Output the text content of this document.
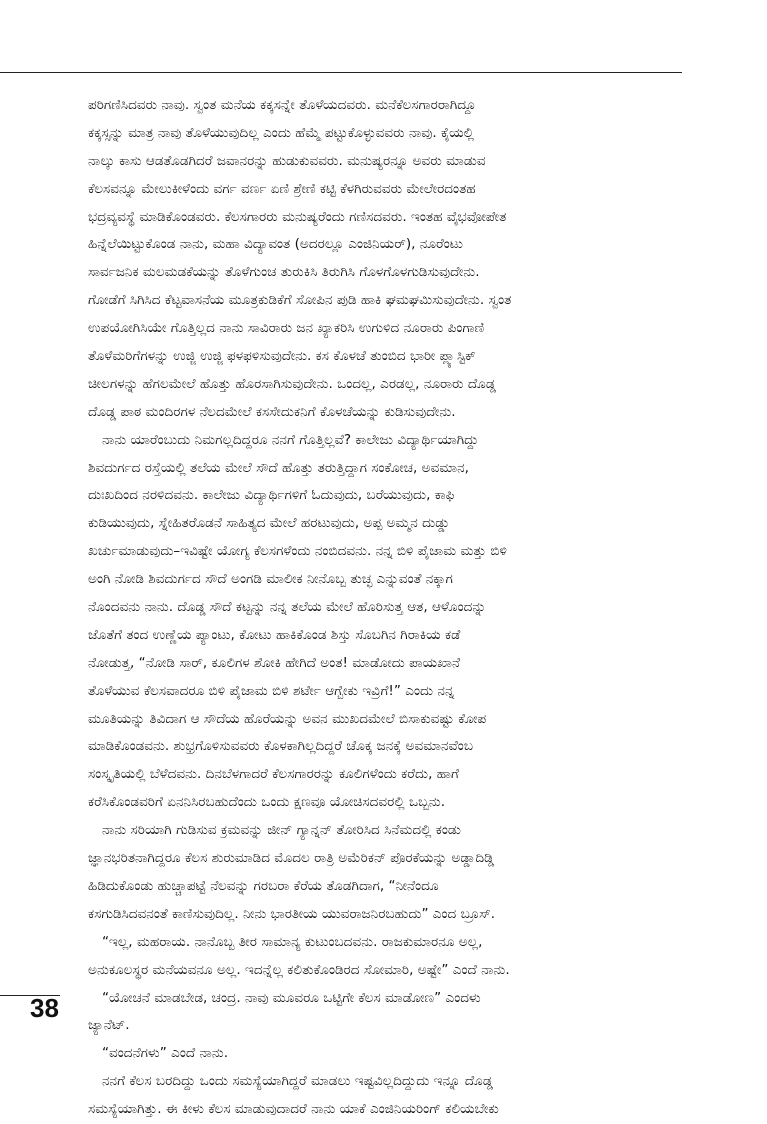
ಪರಿಗಣಿಸಿದವರು ನಾವು. ಸ್ವಂತ ಮನೆಯ ಕಕ್ಕಸನ್ನೇ ತೊಳೆಯದವರು. ಮನೆಕೆಲಸಗಾರರಾಗಿದ್ದೂ
ಕಕ್ಕಸ್ಸನ್ನು ಮಾತ್ರ ನಾವು ತೊಳೆಯುವುದಿಲ್ಲ ಎಂದು ಹೆಮ್ಮೆ ಪಟ್ಟುಕೊಳ್ಳುವವರು ನಾವು. ಕೈಯಲ್ಲಿ
ನಾಲ್ಕು ಕಾಸು ಆಡತೊಡಗಿದರೆ ಜವಾನರನ್ನು ಹುಡುಕುವವರು. ಮನುಷ್ಯರನ್ನೂ ಅವರು ಮಾಡುವ
ಕೆಲಸವನ್ನೂ ಮೇಲುಕೀಳೆಂದು ವರ್ಗ ವರ್ಣ ಏಣಿ ಶ್ರೇಣಿ ಕಟ್ಟಿ ಕೆಳಗಿರುವವರು ಮೇಲೇರದಂತಹ
ಭದ್ರವ್ಯವಸ್ಥೆ ಮಾಡಿಕೊಂಡವರು. ಕೆಲಸಗಾರರು ಮನುಷ್ಯರೆಂದು ಗಣಿಸದವರು. ಇಂತಹ ವೈಭವೋಪೇತ
ಹಿನ್ನೆಲೆಯಿಟ್ಟುಕೊಂಡ ನಾನು, ಮಹಾ ವಿದ್ಯಾವಂತ (ಅದರಲ್ಲೂ ಎಂಜಿನಿಯರ್), ನೂರೆಂಟು
ಸಾರ್ವಜನಿಕ ಮಲಮಡಕೆಯನ್ನು ತೊಳೆಗುಂಚ ತುರುಕಿಸಿ ತಿರುಗಿಸಿ ಗೊಳಗೊಳಗುಡಿಸುವುದೇನು.
ಗೋಡೆಗೆ ಸಿಗಿಸಿದ ಕೆಟ್ಟವಾಸನೆಯ ಮೂತ್ರಕುಡಿಕೆಗೆ ಸೋಪಿನ ಪುಡಿ ಹಾಕಿ ಘಮಘಮಿಸುವುದೇನು. ಸ್ವಂತ
ಉಪಯೋಗಿಸಿಯೇ ಗೊತ್ತಿಲ್ಲದ ನಾನು ಸಾವಿರಾರು ಜನ ಖ್ಯಾಕರಿಸಿ ಉಗುಳಿದ ನೂರಾರು ಪಿಂಗಾಣಿ
ತೊಳೆಮರಿಗೆಗಳನ್ನು ಉಜ್ಜಿ ಉಜ್ಜಿ ಫಳಫಳಿಸುವುದೇನು. ಕಸ ಕೊಳಚೆ ತುಂಬಿದ ಭಾರೀ ಪ್ಲ್ಯಾಸ್ಟಿಕ್
ಚೀಲಗಳನ್ನು ಹೆಗಲಮೇಲೆ ಹೊತ್ತು ಹೊರಸಾಗಿಸುವುದೇನು. ಒಂದಲ್ಲ, ಎರಡಲ್ಲ, ನೂರಾರು ದೊಡ್ಡ
ದೊಡ್ಡ ಪಾಠ ಮಂದಿರಗಳ ನೆಲದಮೇಲೆ ಕಸಸೇದುಕನಿಗೆ ಕೊಳಚೆಯನ್ನು ಕುಡಿಸುವುದೇನು.
ನಾನು ಯಾರೆಂಬುದು ನಿಮಗಲ್ಲದಿದ್ದರೂ ನನಗೆ ಗೊತ್ತಿಲ್ಲವೆ? ಕಾಲೇಜು ವಿದ್ಯಾರ್ಥಿಯಾಗಿದ್ದು
ಶಿವದುರ್ಗದ ರಸ್ತೆಯಲ್ಲಿ ತಲೆಯ ಮೇಲೆ ಸೌದೆ ಹೊತ್ತು ತರುತ್ತಿದ್ದಾಗ ಸಂಕೋಚ, ಅವಮಾನ,
ದುಃಖದಿಂದ ನರಳಿದವನು. ಕಾಲೇಜು ವಿದ್ಯಾರ್ಥಿಗಳಿಗೆ ಓದುವುದು, ಬರೆಯುವುದು, ಕಾಫಿ
ಕುಡಿಯುವುದು, ಸ್ನೇಹಿತರೊಡನೆ ಸಾಹಿತ್ಯದ ಮೇಲೆ ಹರಟುವುದು, ಅಪ್ಪ ಅಮ್ಮನ ದುಡ್ಡು
ಖರ್ಚುಮಾಡುವುದು–ಇವಿಷ್ಟೇ ಯೋಗ್ಯ ಕೆಲಸಗಳೆಂದು ನಂಬಿದವನು. ನನ್ನ ಬಿಳಿ ಪೈಜಾಮ ಮತ್ತು ಬಿಳಿ
ಅಂಗಿ ನೋಡಿ ಶಿವದುರ್ಗದ ಸೌದೆ ಅಂಗಡಿ ಮಾಲೀಕ ನೀನೊಬ್ಬ ತುಚ್ಛ ಎನ್ನುವಂತೆ ನಕ್ಕಾಗ
ನೊಂದವನು ನಾನು. ದೊಡ್ಡ ಸೌದೆ ಕಟ್ಟನ್ನು ನನ್ನ ತಲೆಯ ಮೇಲೆ ಹೊರಿಸುತ್ತ ಆತ, ಆಳೊಂದನ್ನು
ಜೊತೆಗೆ ತಂದ ಉಣ್ಣೆಯ ಪ್ಯಾಂಟು, ಕೋಟು ಹಾಕಿಕೊಂಡ ಶಿಸ್ತು ಸೊಬಗಿನ ಗಿರಾಕಿಯ ಕಡೆ
ನೋಡುತ್ತ, “ನೋಡಿ ಸಾರ್, ಕೂಲಿಗಳ ಶೋಕಿ ಹೇಗಿದೆ ಅಂತ! ಮಾಡೋದು ಪಾಯಖಾನೆ
ತೊಳೆಯುವ ಕೆಲಸವಾದರೂ ಬಿಳಿ ಪೈಜಾಮ ಬಿಳಿ ಶರ್ಟೇ ಆಗ್ಬೇಕು ಇವ್ರಿಗೆ!” ಎಂದು ನನ್ನ
ಮೂತಿಯನ್ನು ತಿವಿದಾಗ ಆ ಸೌದೆಯ ಹೊರೆಯನ್ನು ಅವನ ಮುಖದಮೇಲೆ ಬಿಸಾಕುವಷ್ಟು ಕೋಪ
ಮಾಡಿಕೊಂಡವನು. ಶುಭ್ರಗೊಳಿಸುವವರು ಕೊಳಕಾಗಿಲ್ಲದಿದ್ದರೆ ಚೊಕ್ಕ ಜನಕ್ಕೆ ಅವಮಾನವೆಂಬ
ಸಂಸ್ಕೃತಿಯಲ್ಲಿ ಬೆಳೆದವನು. ದಿನಬೆಳಗಾದರೆ ಕೆಲಸಗಾರರನ್ನು ಕೂಲಿಗಳೆಂದು ಕರೆದು, ಹಾಗೆ
ಕರೆಸಿಕೊಂಡವರಿಗೆ ಏನನಿಸಿರಬಹುದೆಂದು ಒಂದು ಕ್ಷಣವೂ ಯೋಚಿಸದವರಲ್ಲಿ ಒಬ್ಬನು.
ನಾನು ಸರಿಯಾಗಿ ಗುಡಿಸುವ ಕ್ರಮವನ್ನು ಜೀನ್ ಗ್ಯಾನ್ನನ್ ತೋರಿಸಿದ ಸಿನೆಮದಲ್ಲಿ ಕಂಡು
ಜ್ಞಾನಭರಿತನಾಗಿದ್ದರೂ ಕೆಲಸ ಶುರುಮಾಡಿದ ಮೊದಲ ರಾತ್ರಿ ಅಮೆರಿಕನ್ ಪೊರಕೆಯನ್ನು ಅಡ್ಡಾದಿಡ್ಡಿ
ಹಿಡಿದುಕೊಂಡು ಹುಚ್ಚಾಪಟ್ಟೆ ನೆಲವನ್ನು ಗರಬರಾ ಕೆರೆಯ ತೊಡಗಿದಾಗ, “ನೀನೆಂದೂ
ಕಸಗುಡಿಸಿದವನಂತೆ ಕಾಣಿಸುವುದಿಲ್ಲ. ನೀನು ಭಾರತೀಯ ಯುವರಾಜನಿರಬಹುದು” ಎಂದ ಬ್ರೂಸ್.
“ಇಲ್ಲ, ಮಹರಾಯ. ನಾನೊಬ್ಬ ತೀರ ಸಾಮಾನ್ಯ ಕುಟುಂಬದವನು. ರಾಜಕುಮಾರನೂ ಅಲ್ಲ,
ಅನುಕೂಲಸ್ಥರ ಮನೆಯವನೂ ಅಲ್ಲ. ಇದನ್ನೆಲ್ಲ ಕಲಿತುಕೊಂಡಿರದ ಸೋಮಾರಿ, ಅಷ್ಟೇ” ಎಂದೆ ನಾನು.
“ಯೋಚನೆ ಮಾಡಬೇಡ, ಚಂದ್ರ. ನಾವು ಮೂವರೂ ಒಟ್ಟಿಗೇ ಕೆಲಸ ಮಾಡೋಣ” ಎಂದಳು
ಜ್ಯಾನೆಟ್.
“ವಂದನೆಗಳು” ಎಂದೆ ನಾನು.
ನನಗೆ ಕೆಲಸ ಬರದಿದ್ದು ಒಂದು ಸಮಸ್ಯೆಯಾಗಿದ್ದರೆ ಮಾಡಲು ಇಷ್ಟವಿಲ್ಲದಿದ್ದುದು ಇನ್ನೂ ದೊಡ್ಡ
ಸಮಸ್ಯೆಯಾಗಿತ್ತು. ಈ ಕೀಳು ಕೆಲಸ ಮಾಡುವುದಾದರೆ ನಾನು ಯಾಕೆ ಎಂಜಿನಿಯರಿಂಗ್ ಕಲಿಯಬೇಕು
38
